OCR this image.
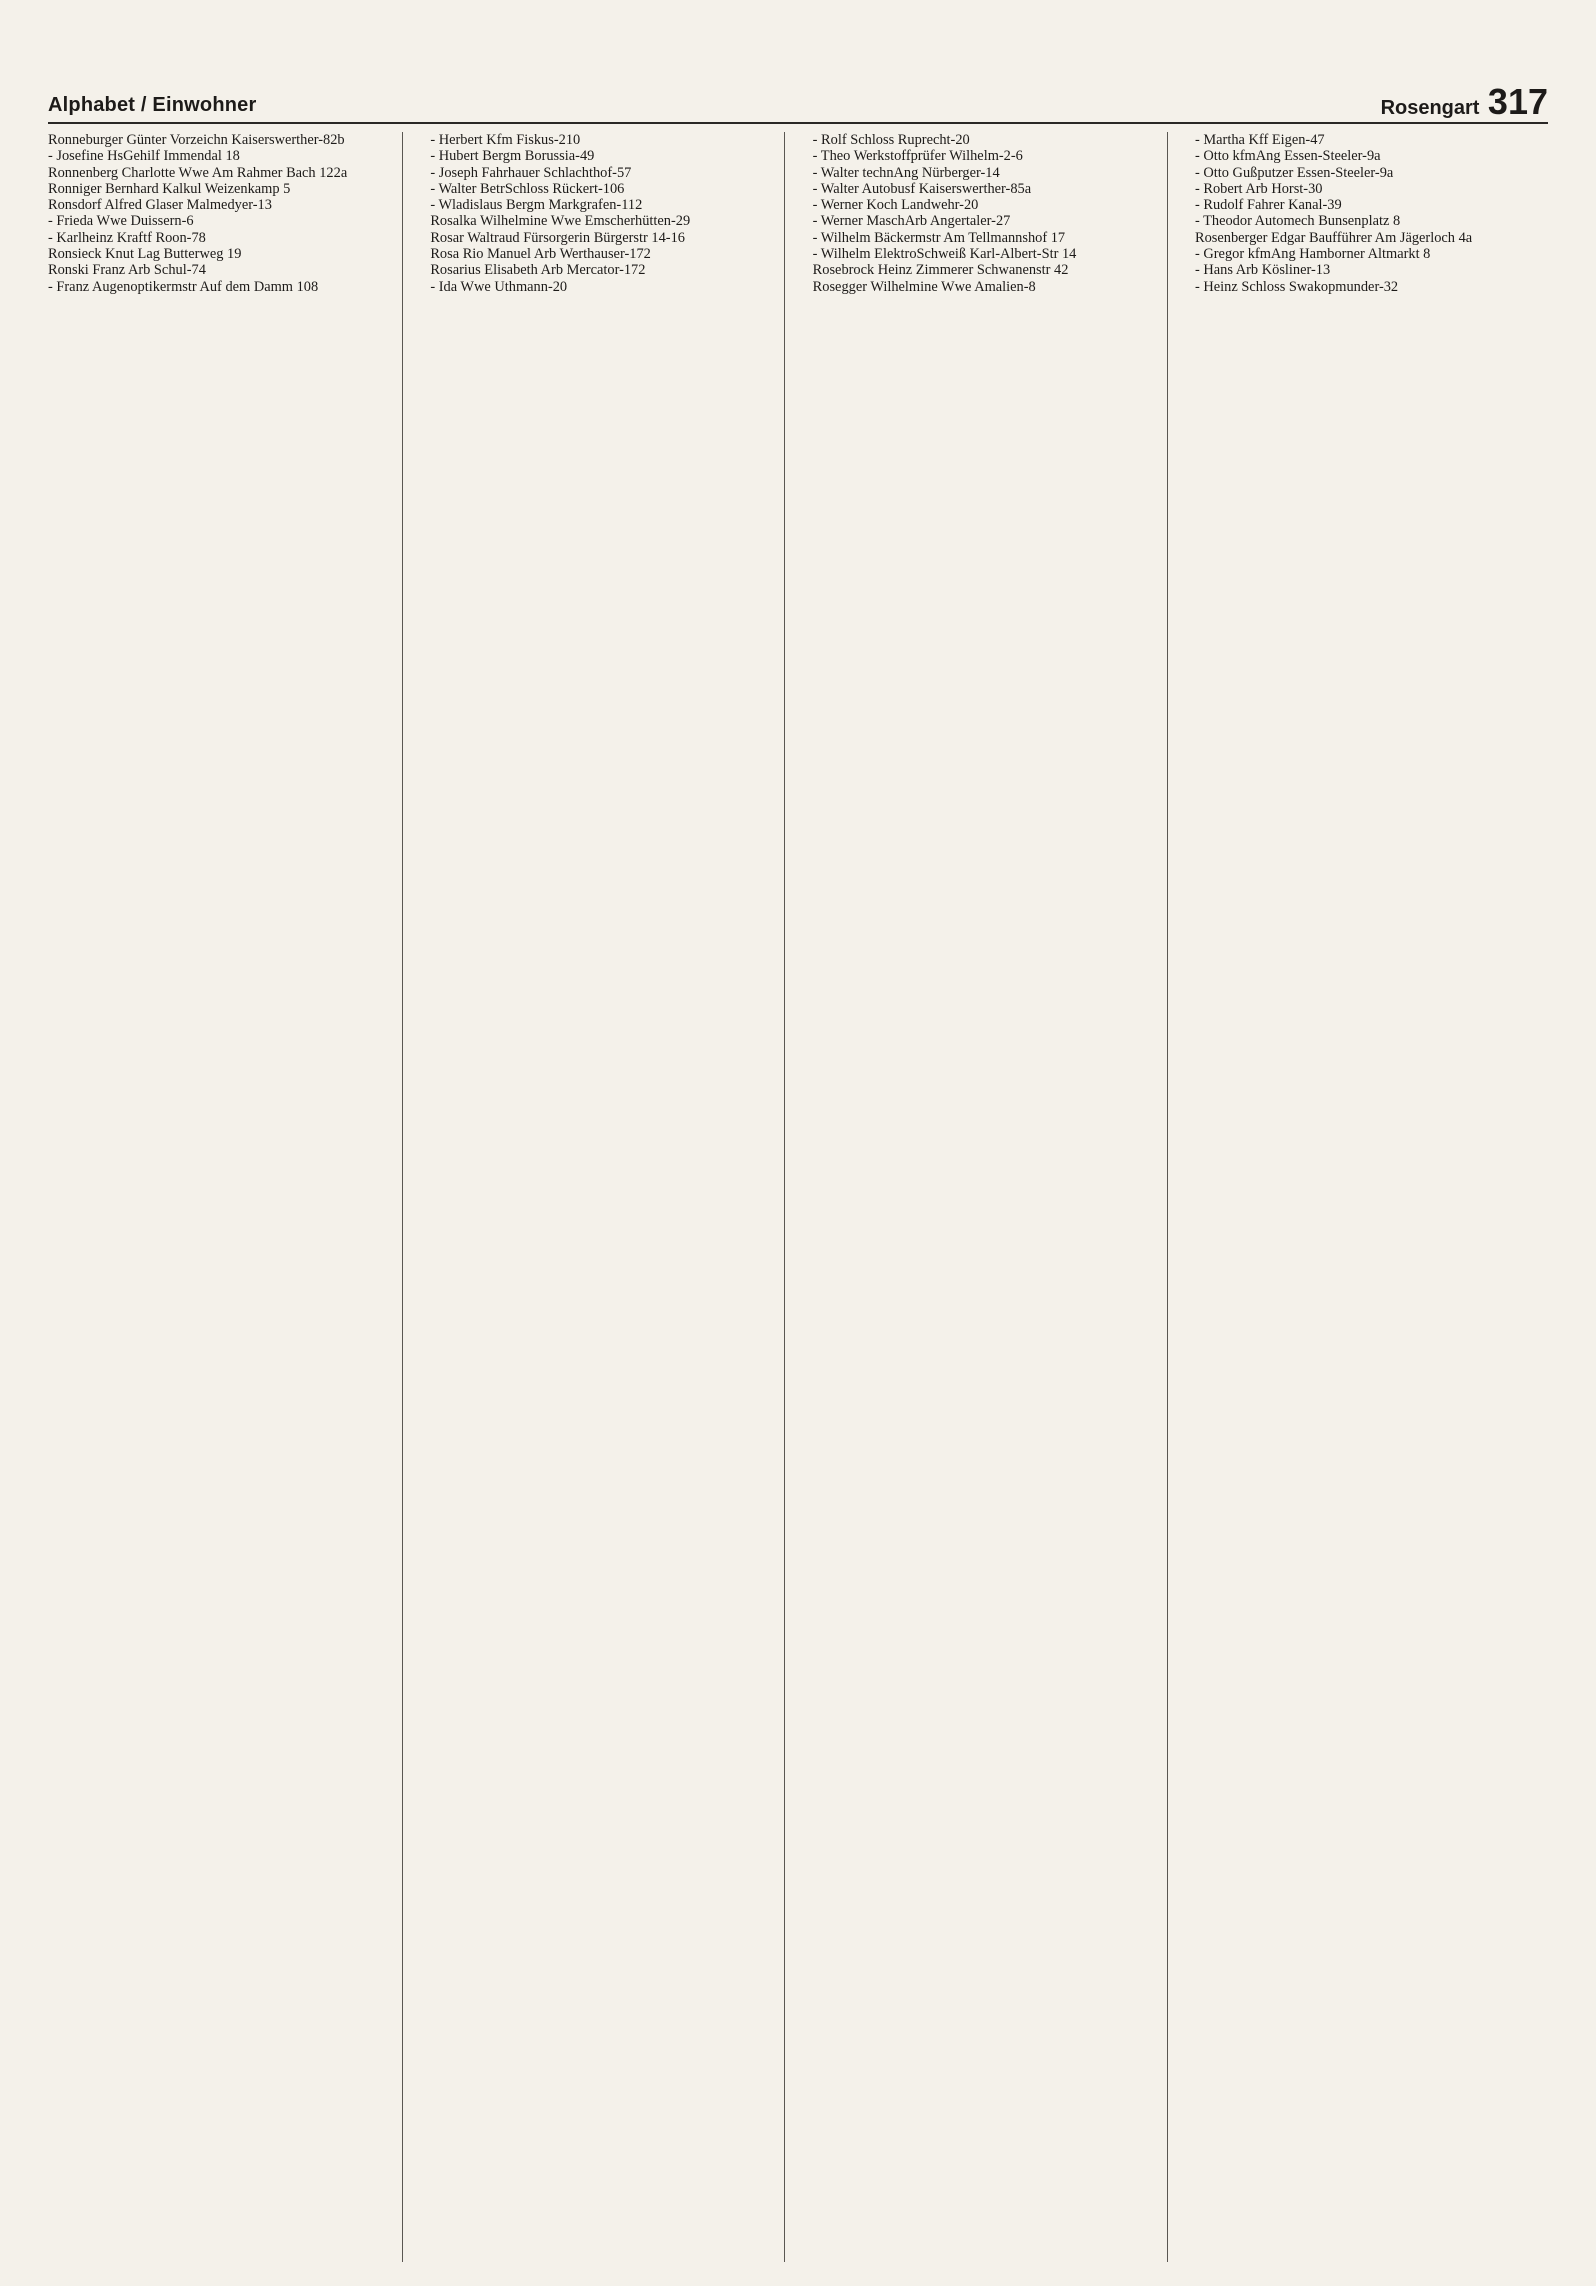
Alphabet / Einwohner	Rosengart 317

Ronneburger Günter Vorzeichn Kaiserswerther-82b

- Josefine HsGehilf Immendal 18

Ronnenberg Charlotte Wwe Am Rahmer Bach 122a

Ronniger Bernhard Kalkul Weizenkamp 5

Ronsdorf Alfred Glaser Malmedyer-13

- Frieda Wwe Duissern-6

- Karlheinz Kraftf Roon-78

Ronsieck Knut Lag Butterweg 19

Ronski Franz Arb Schul-74

- Franz Augenoptikermstr Auf dem Damm 108

- Herbert Kfm Fiskus-210

- Hubert Bergm Borussia-49

- Joseph Fahrhauer Schlachthof-57

- Walter BetrSchloss Rückert-106

- Wladislaus Bergm Markgrafen-112

Rosalka Wilhelmine Wwe Emscherhütten-29

Rosar Waltraud Fürsorgerin Bürgerstr 14-16

Rosa Rio Manuel Arb Werthauser-172

Rosarius Elisabeth Arb Mercator-172

- Ida Wwe Uthmann-20

- Rolf Schloss Ruprecht-20

- Theo Werkstoffprüfer Wilhelm-2-6

- Walter technAng Nürberger-14

- Walter Autobusf Kaiserswerther-85a

- Werner Koch Landwehr-20

- Werner MaschArb Angertaler-27

- Wilhelm Bäckermstr Am Tellmannshof 17

- Wilhelm ElektroSchweiß Karl-Albert-Str 14

Rosebrock Heinz Zimmerer Schwanenstr 42

Rosegger Wilhelmine Wwe Amalien-8

- Martha Kff Eigen-47

- Otto kfmAng Essen-Steeler-9a

- Otto Gußputzer Essen-Steeler-9a

- Robert Arb Horst-30

- Rudolf Fahrer Kanal-39

- Theodor Automech Bunsenplatz 8

Rosenberger Edgar Baufführer Am Jägerloch 4a

- Gregor kfmAng Hamborner Altmarkt 8

- Hans Arb Kösliner-13

- Heinz Schloss Swakopmunder-32
